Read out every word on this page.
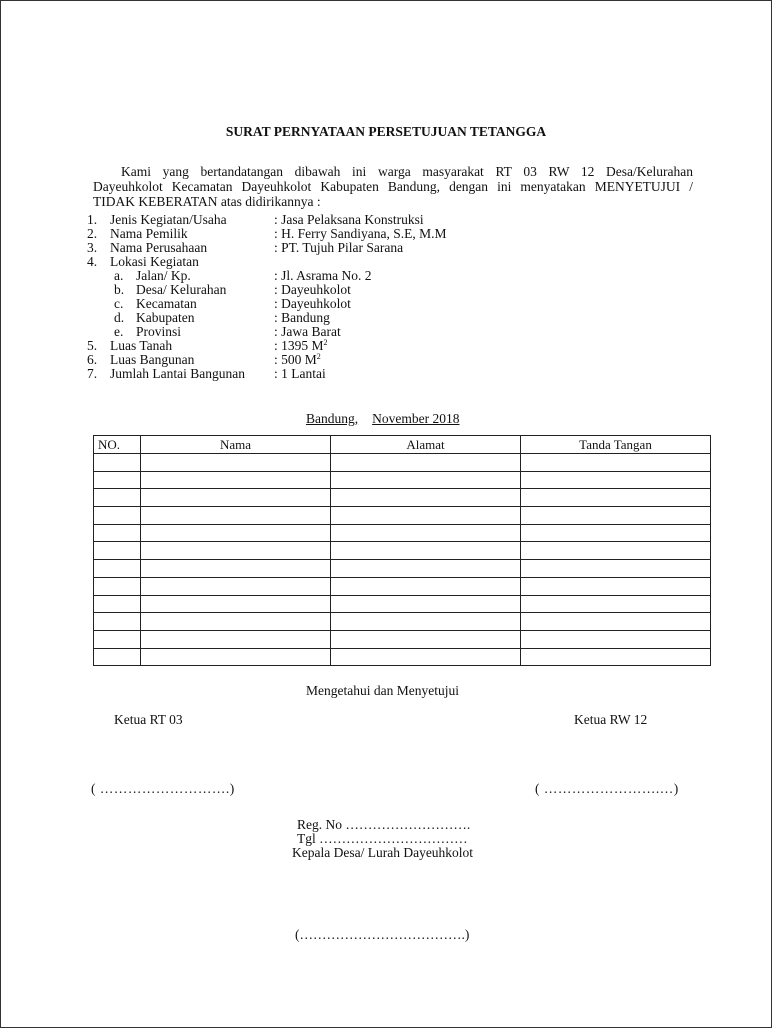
SURAT PERNYATAAN PERSETUJUAN TETANGGA

Kami yang bertandatangan dibawah ini warga masyarakat RT 03 RW 12 Desa/Kelurahan

Dayeuhkolot Kecamatan Dayeuhkolot Kabupaten Bandung, dengan ini menyatakan MENYETUJUI /

TIDAK KEBERATAN atas didirikannya :

1. Jenis Kegiatan/Usaha	: Jasa Pelaksana Konstruksi
2. Nama Pemilik	: H. Ferry Sandiyana, S.E, M.M
3. Nama Perusahaan	: PT. Tujuh Pilar Sarana
4. Lokasi Kegiatan
a. Jalan/ Kp.	: Jl. Asrama No. 2
b. Desa/ Kelurahan	: Dayeuhkolot
c. Kecamatan	: Dayeuhkolot
d. Kabupaten	: Bandung
e. Provinsi	: Jawa Barat
5. Luas Tanah	: 1395 $M^2$
6. Luas Bangunan	: 500 $M^2$
7. Jumlah Lantai Bangunan : 1 Lantai
Bandung, November 2018
NO.	Nama	Alamat	Tanda Tangan

Mengetahui dan Menyetujui
Ketua RT 03	Ketua RW 12
( ……………………….)	( …………………….…)
Reg. No ……………………….
Tgl ……………………………
Kepala Desa/ Lurah Dayeuhkolot
(……………………………….)
